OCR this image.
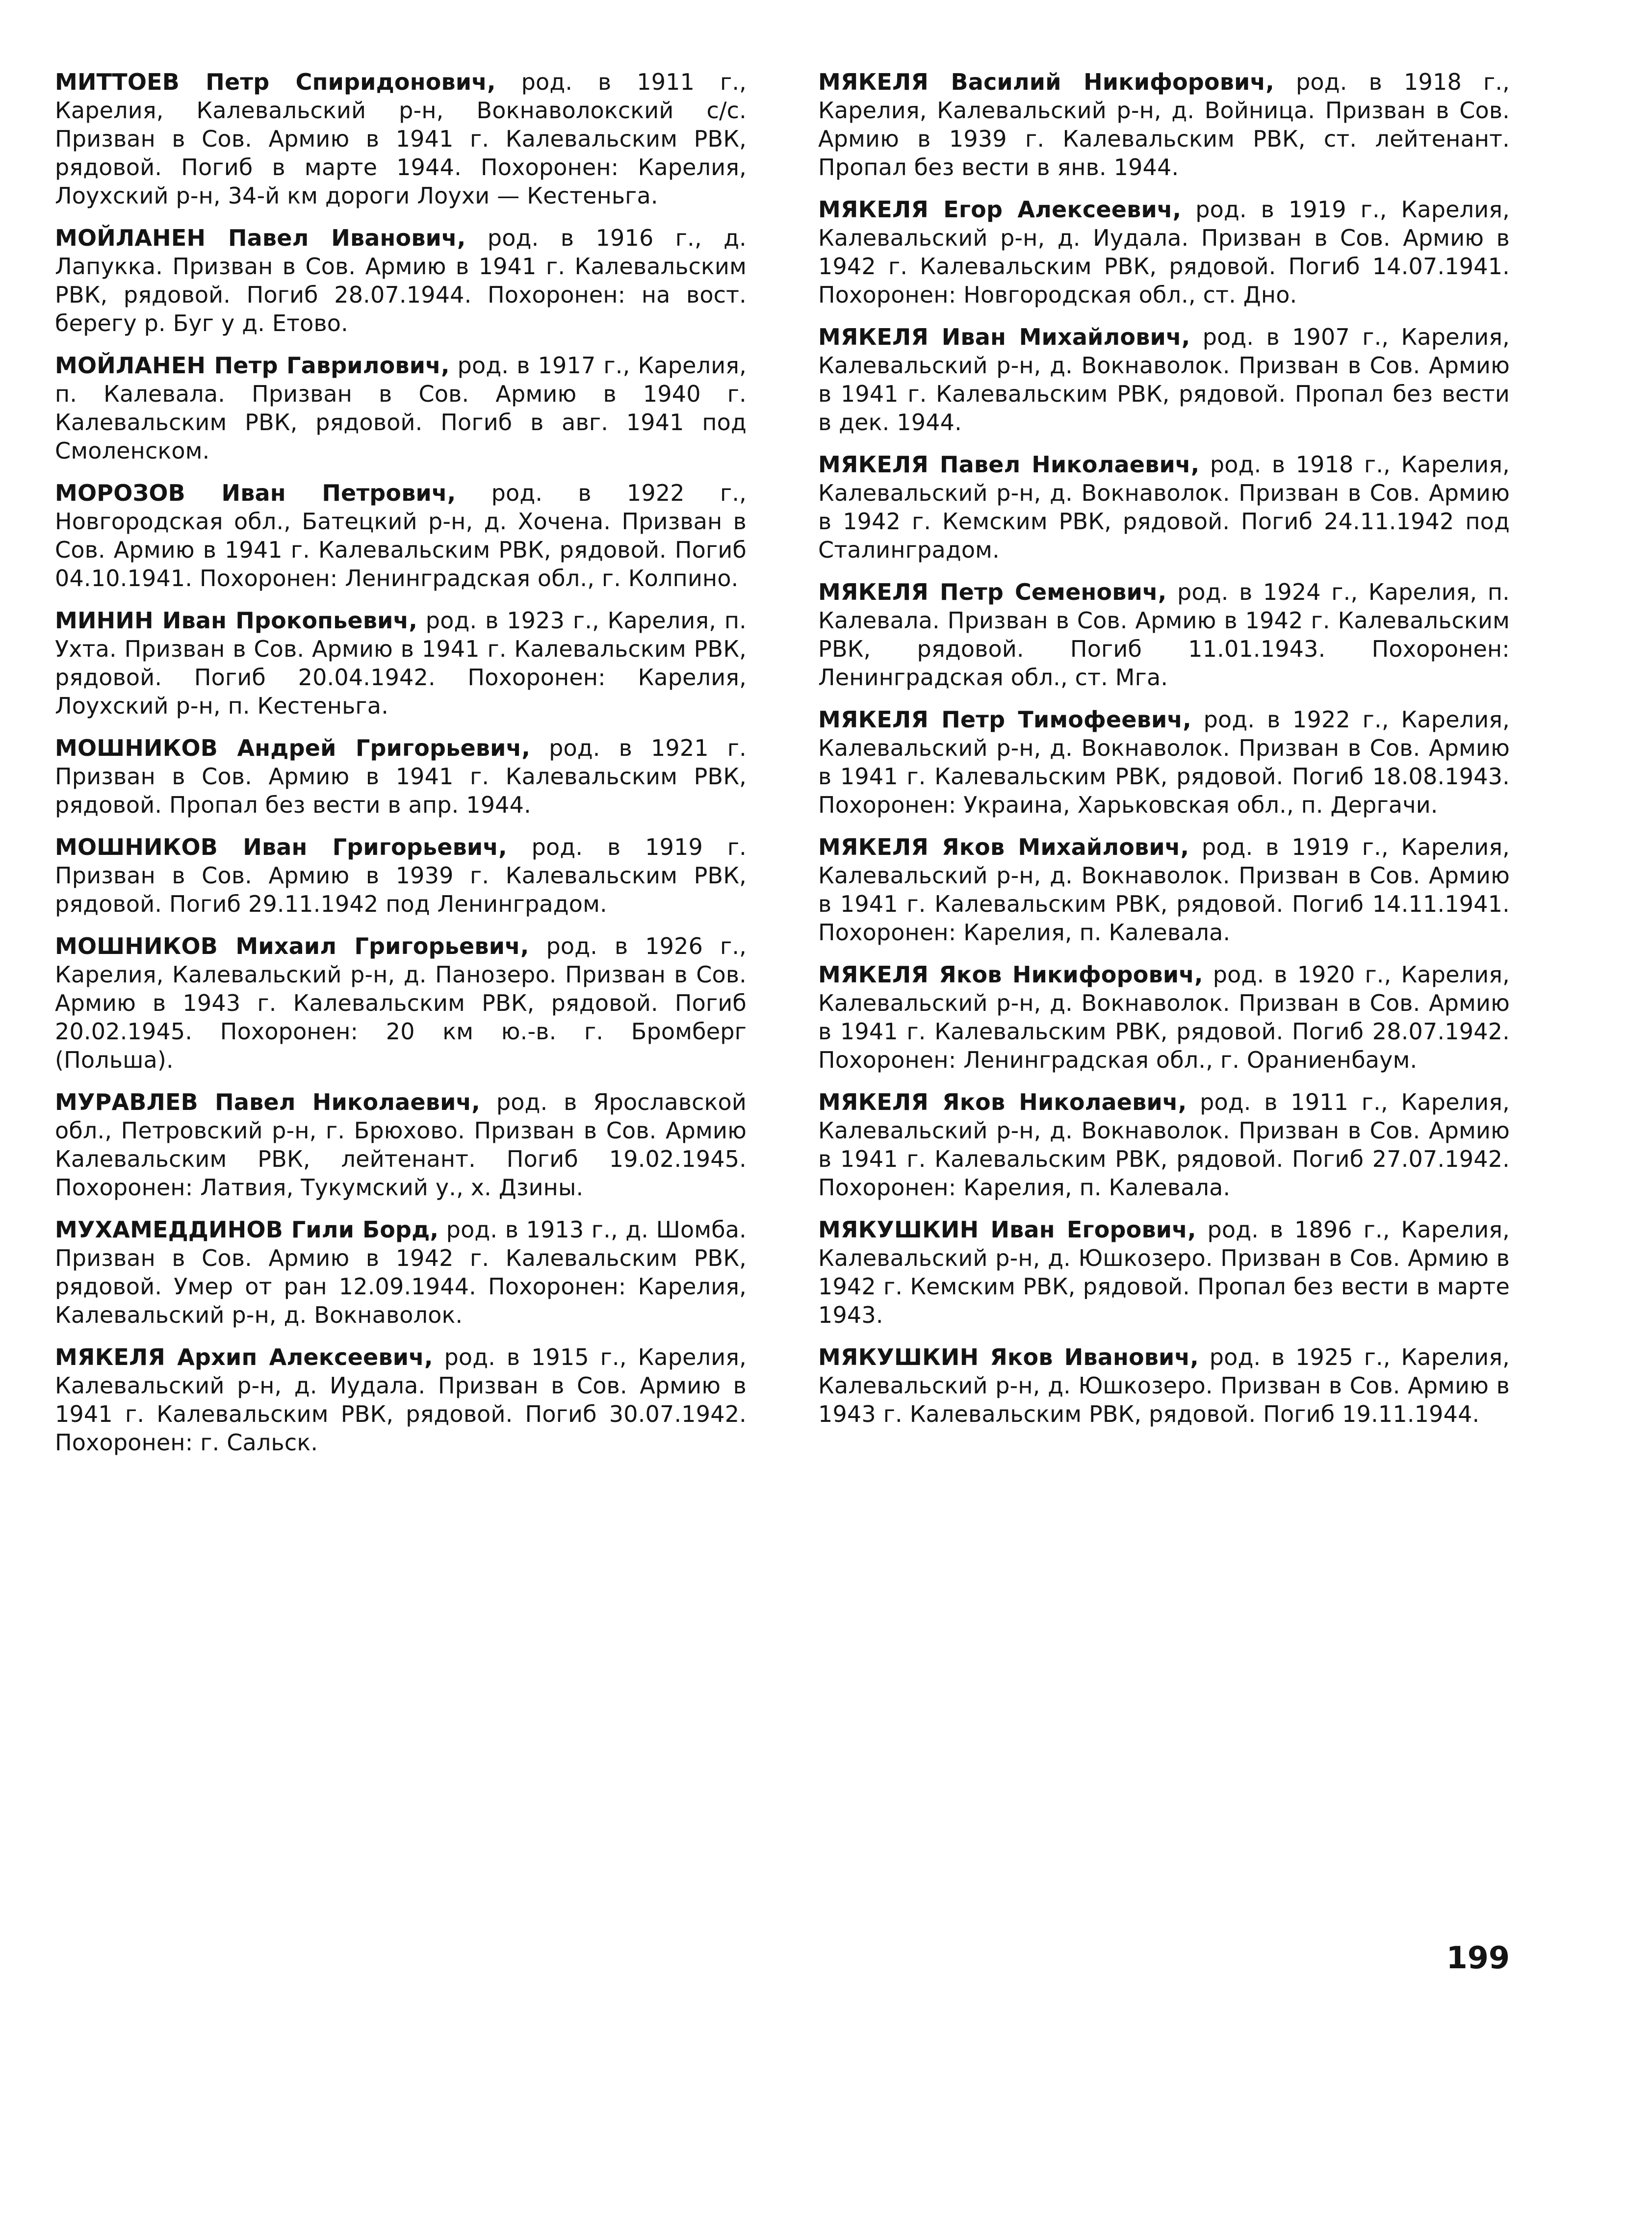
МИТТОЕВ Петр Спиридонович, род. в 1911 г., Карелия, Калевальский р-н, Вокнаволокский с/с. Призван в Сов. Армию в 1941 г. Калевальским РВК, рядовой. Погиб в марте 1944. Похоронен: Карелия, Лоухский р-н, 34-й км дороги Лоухи — Кестеньга.

МОЙЛАНЕН Павел Иванович, род. в 1916 г., д. Лапукка. Призван в Сов. Армию в 1941 г. Калевальским РВК, рядовой. Погиб 28.07.1944. Похоронен: на вост. берегу р. Буг у д. Етово.

МОЙЛАНЕН Петр Гаврилович, род. в 1917 г., Карелия, п. Калевала. Призван в Сов. Армию в 1940 г. Калевальским РВК, рядовой. Погиб в авг. 1941 под Смоленском.

МОРОЗОВ Иван Петрович, род. в 1922 г., Новгородская обл., Батецкий р-н, д. Хочена. Призван в Сов. Армию в 1941 г. Калевальским РВК, рядовой. Погиб 04.10.1941. Похоронен: Ленинградская обл., г. Колпино.

МИНИН Иван Прокопьевич, род. в 1923 г., Карелия, п. Ухта. Призван в Сов. Армию в 1941 г. Калевальским РВК, рядовой. Погиб 20.04.1942. Похоронен: Карелия, Лоухский р-н, п. Кестеньга.

МОШНИКОВ Андрей Григорьевич, род. в 1921 г. Призван в Сов. Армию в 1941 г. Калевальским РВК, рядовой. Пропал без вести в апр. 1944.

МОШНИКОВ Иван Григорьевич, род. в 1919 г. Призван в Сов. Армию в 1939 г. Калевальским РВК, рядовой. Погиб 29.11.1942 под Ленинградом.

МОШНИКОВ Михаил Григорьевич, род. в 1926 г., Карелия, Калевальский р-н, д. Панозеро. Призван в Сов. Армию в 1943 г. Калевальским РВК, рядовой. Погиб 20.02.1945. Похоронен: 20 км ю.-в. г. Бромберг (Польша).

МУРАВЛЕВ Павел Николаевич, род. в Ярославской обл., Петровский р-н, г. Брюхово. Призван в Сов. Армию Калевальским РВК, лейтенант. Погиб 19.02.1945. Похоронен: Латвия, Тукумский у., х. Дзины.

МУХАМЕДДИНОВ Гили Борд, род. в 1913 г., д. Шомба. Призван в Сов. Армию в 1942 г. Калевальским РВК, рядовой. Умер от ран 12.09.1944. Похоронен: Карелия, Калевальский р-н, д. Вокнаволок.

МЯКЕЛЯ Архип Алексеевич, род. в 1915 г., Карелия, Калевальский р-н, д. Иудала. Призван в Сов. Армию в 1941 г. Калевальским РВК, рядовой. Погиб 30.07.1942. Похоронен: г. Сальск.

МЯКЕЛЯ Василий Никифорович, род. в 1918 г., Карелия, Калевальский р-н, д. Войница. Призван в Сов. Армию в 1939 г. Калевальским РВК, ст. лейтенант. Пропал без вести в янв. 1944.

МЯКЕЛЯ Егор Алексеевич, род. в 1919 г., Карелия, Калевальский р-н, д. Иудала. Призван в Сов. Армию в 1942 г. Калевальским РВК, рядовой. Погиб 14.07.1941. Похоронен: Новгородская обл., ст. Дно.

МЯКЕЛЯ Иван Михайлович, род. в 1907 г., Карелия, Калевальский р-н, д. Вокнаволок. Призван в Сов. Армию в 1941 г. Калевальским РВК, рядовой. Пропал без вести в дек. 1944.

МЯКЕЛЯ Павел Николаевич, род. в 1918 г., Карелия, Калевальский р-н, д. Вокнаволок. Призван в Сов. Армию в 1942 г. Кемским РВК, рядовой. Погиб 24.11.1942 под Сталинградом.

МЯКЕЛЯ Петр Семенович, род. в 1924 г., Карелия, п. Калевала. Призван в Сов. Армию в 1942 г. Калевальским РВК, рядовой. Погиб 11.01.1943. Похоронен: Ленинградская обл., ст. Мга.

МЯКЕЛЯ Петр Тимофеевич, род. в 1922 г., Карелия, Калевальский р-н, д. Вокнаволок. Призван в Сов. Армию в 1941 г. Калевальским РВК, рядовой. Погиб 18.08.1943. Похоронен: Украина, Харьковская обл., п. Дергачи.

МЯКЕЛЯ Яков Михайлович, род. в 1919 г., Карелия, Калевальский р-н, д. Вокнаволок. Призван в Сов. Армию в 1941 г. Калевальским РВК, рядовой. Погиб 14.11.1941. Похоронен: Карелия, п. Калевала.

МЯКЕЛЯ Яков Никифорович, род. в 1920 г., Карелия, Калевальский р-н, д. Вокнаволок. Призван в Сов. Армию в 1941 г. Калевальским РВК, рядовой. Погиб 28.07.1942. Похоронен: Ленинградская обл., г. Ораниенбаум.

МЯКЕЛЯ Яков Николаевич, род. в 1911 г., Карелия, Калевальский р-н, д. Вокнаволок. Призван в Сов. Армию в 1941 г. Калевальским РВК, рядовой. Погиб 27.07.1942. Похоронен: Карелия, п. Калевала.

МЯКУШКИН Иван Егорович, род. в 1896 г., Карелия, Калевальский р-н, д. Юшкозеро. Призван в Сов. Армию в 1942 г. Кемским РВК, рядовой. Пропал без вести в марте 1943.

МЯКУШКИН Яков Иванович, род. в 1925 г., Карелия, Калевальский р-н, д. Юшкозеро. Призван в Сов. Армию в 1943 г. Калевальским РВК, рядовой. Погиб 19.11.1944.

199
